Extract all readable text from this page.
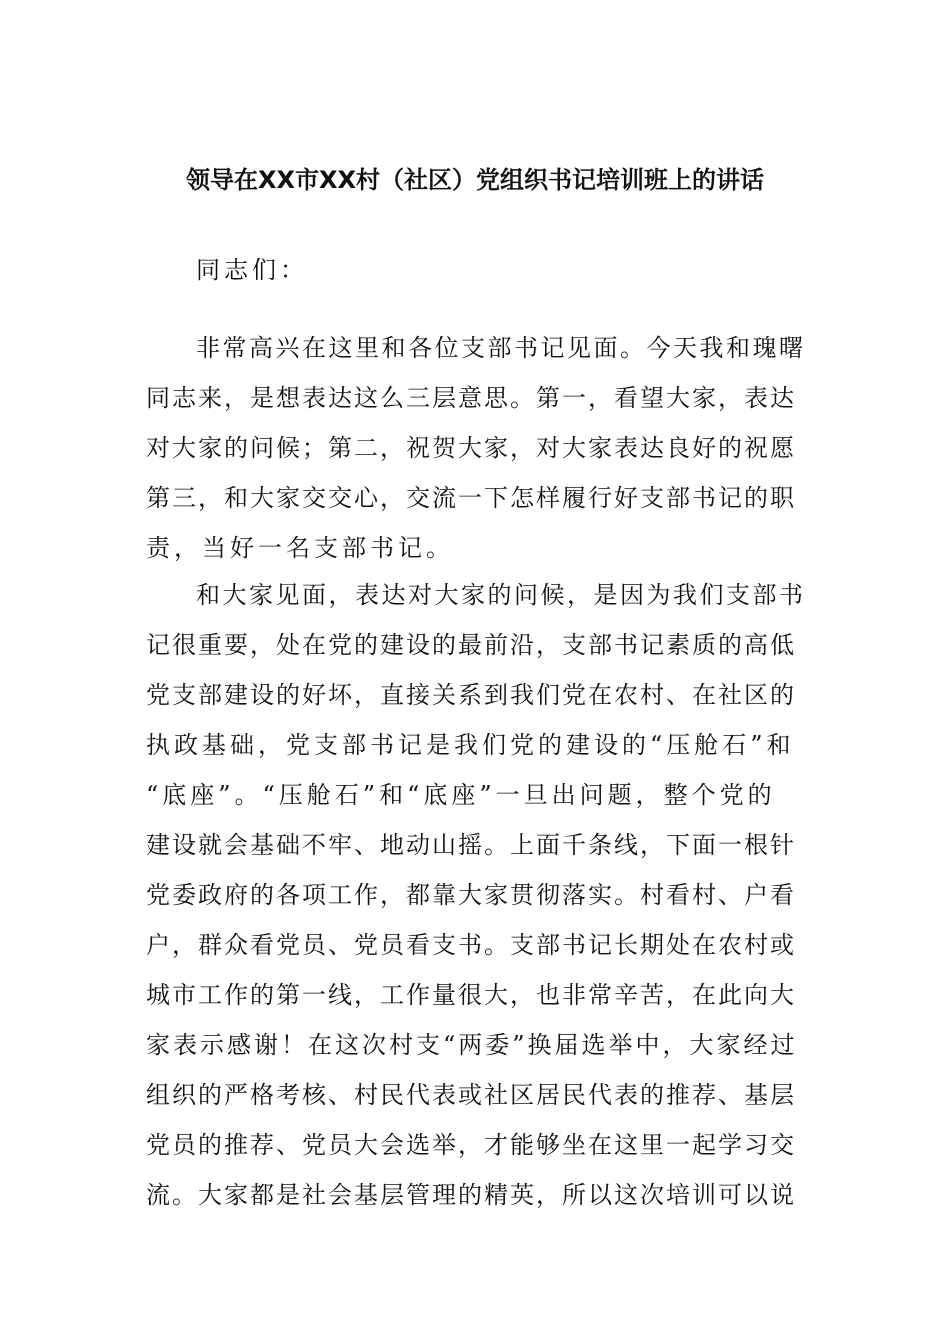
领导在XX市XX村（社区）党组织书记培训班上的讲话
同志们：
非常高兴在这里和各位支部书记见面。今天我和瑰曙
同志来，是想表达这么三层意思。第一，看望大家，表达
对大家的问候；第二，祝贺大家，对大家表达良好的祝愿
第三，和大家交交心，交流一下怎样履行好支部书记的职
责，当好一名支部书记。
和大家见面，表达对大家的问候，是因为我们支部书
记很重要，处在党的建设的最前沿，支部书记素质的高低
党支部建设的好坏，直接关系到我们党在农村、在社区的
执政基础，党支部书记是我们党的建设的“压舱石”和
“底座”。“压舱石”和“底座”一旦出问题，整个党的
建设就会基础不牢、地动山摇。上面千条线，下面一根针
党委政府的各项工作，都靠大家贯彻落实。村看村、户看
户，群众看党员、党员看支书。支部书记长期处在农村或
城市工作的第一线，工作量很大，也非常辛苦，在此向大
家表示感谢！在这次村支“两委”换届选举中，大家经过
组织的严格考核、村民代表或社区居民代表的推荐、基层
党员的推荐、党员大会选举，才能够坐在这里一起学习交
流。大家都是社会基层管理的精英，所以这次培训可以说
